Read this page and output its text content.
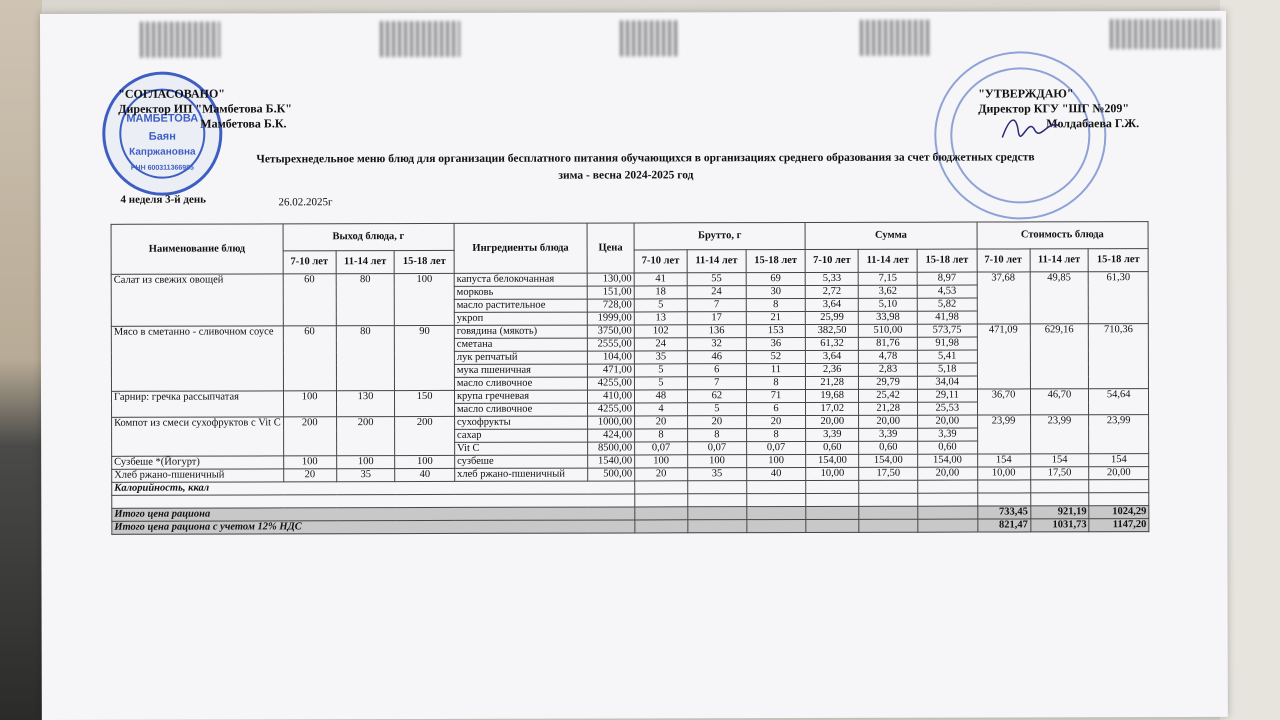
МАМБЕТОВА
Баян
Капржановна
РНН 600311366985
"СОГЛАСОВАНО"
Директор ИП "Мамбетова Б.К"
Мамбетова Б.К.
"УТВЕРЖДАЮ"
Директор КГУ "ШГ №209"
Молдабаева Г.Ж.
Четырехнедельное меню блюд для организации бесплатного питания обучающихся в организациях среднего образования за счет бюджетных средств
зима - весна 2024-2025 год
4 неделя 3-й день	26.02.2025г
Наименование блюд	Выход блюда, г			Ингредиенты блюда	Цена	Брутто, г			Сумма			Стоимость блюда		
	7-10 лет	11-14 лет	15-18 лет			7-10 лет	11-14 лет	15-18 лет	7-10 лет	11-14 лет	15-18 лет	7-10 лет	11-14 лет	15-18 лет
Салат из свежих овощей	60	80	100	капуста белокочанная	130,00	41	55	69	5,33	7,15	8,97	37,68	49,85	61,30
				морковь	151,00	18	24	30	2,72	3,62	4,53			
				масло растительное	728,00	5	7	8	3,64	5,10	5,82			
				укроп	1999,00	13	17	21	25,99	33,98	41,98			
Мясо в сметанно - сливочном соусе	60	80	90	говядина (мякоть)	3750,00	102	136	153	382,50	510,00	573,75	471,09	629,16	710,36
				сметана	2555,00	24	32	36	61,32	81,76	91,98			
				лук репчатый	104,00	35	46	52	3,64	4,78	5,41			
				мука пшеничная	471,00	5	6	11	2,36	2,83	5,18			
				масло сливочное	4255,00	5	7	8	21,28	29,79	34,04			
Гарнир: гречка рассыпчатая	100	130	150	крупа гречневая	410,00	48	62	71	19,68	25,42	29,11	36,70	46,70	54,64
				масло сливочное	4255,00	4	5	6	17,02	21,28	25,53			
Компот из смеси сухофруктов с Vit C	200	200	200	сухофрукты	1000,00	20	20	20	20,00	20,00	20,00	23,99	23,99	23,99
				сахар	424,00	8	8	8	3,39	3,39	3,39			
				Vit C	8500,00	0,07	0,07	0,07	0,60	0,60	0,60			
Сузбеше *(Йогурт)	100	100	100	сузбеше	1540,00	100	100	100	154,00	154,00	154,00	154	154	154
Хлеб ржано-пшеничный	20	35	40	хлеб ржано-пшеничный	500,00	20	35	40	10,00	17,50	20,00	10,00	17,50	20,00
Калорийность, ккал														

Итого цена рациона												733,45	921,19	1024,29
Итого цена рациона с учетом 12% НДС												821,47	1031,73	1147,20
